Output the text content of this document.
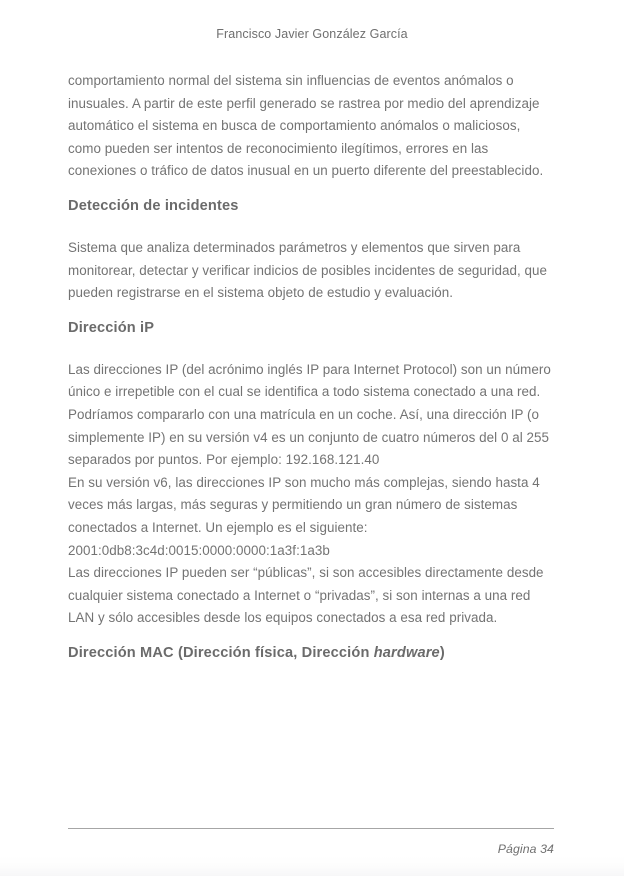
Francisco Javier González García

comportamiento normal del sistema sin influencias de eventos anómalos o inusuales. A partir de este perfil generado se rastrea por medio del aprendizaje automático el sistema en busca de comportamiento anómalos o maliciosos, como pueden ser intentos de reconocimiento ilegítimos, errores en las conexiones o tráfico de datos inusual en un puerto diferente del preestablecido.

Detección de incidentes

Sistema que analiza determinados parámetros y elementos que sirven para monitorear, detectar y verificar indicios de posibles incidentes de seguridad, que pueden registrarse en el sistema objeto de estudio y evaluación.

Dirección iP

Las direcciones IP (del acrónimo inglés IP para Internet Protocol) son un número único e irrepetible con el cual se identifica a todo sistema conectado a una red.

Podríamos compararlo con una matrícula en un coche. Así, una dirección IP (o simplemente IP) en su versión v4 es un conjunto de cuatro números del 0 al 255 separados por puntos. Por ejemplo: 192.168.121.40

En su versión v6, las direcciones IP son mucho más complejas, siendo hasta 4 veces más largas, más seguras y permitiendo un gran número de sistemas conectados a Internet. Un ejemplo es el siguiente: 2001:0db8:3c4d:0015:0000:0000:1a3f:1a3b

Las direcciones IP pueden ser “públicas”, si son accesibles directamente desde cualquier sistema conectado a Internet o “privadas”, si son internas a una red LAN y sólo accesibles desde los equipos conectados a esa red privada.

Dirección MAC (Dirección física, Dirección hardware)
Página 34
